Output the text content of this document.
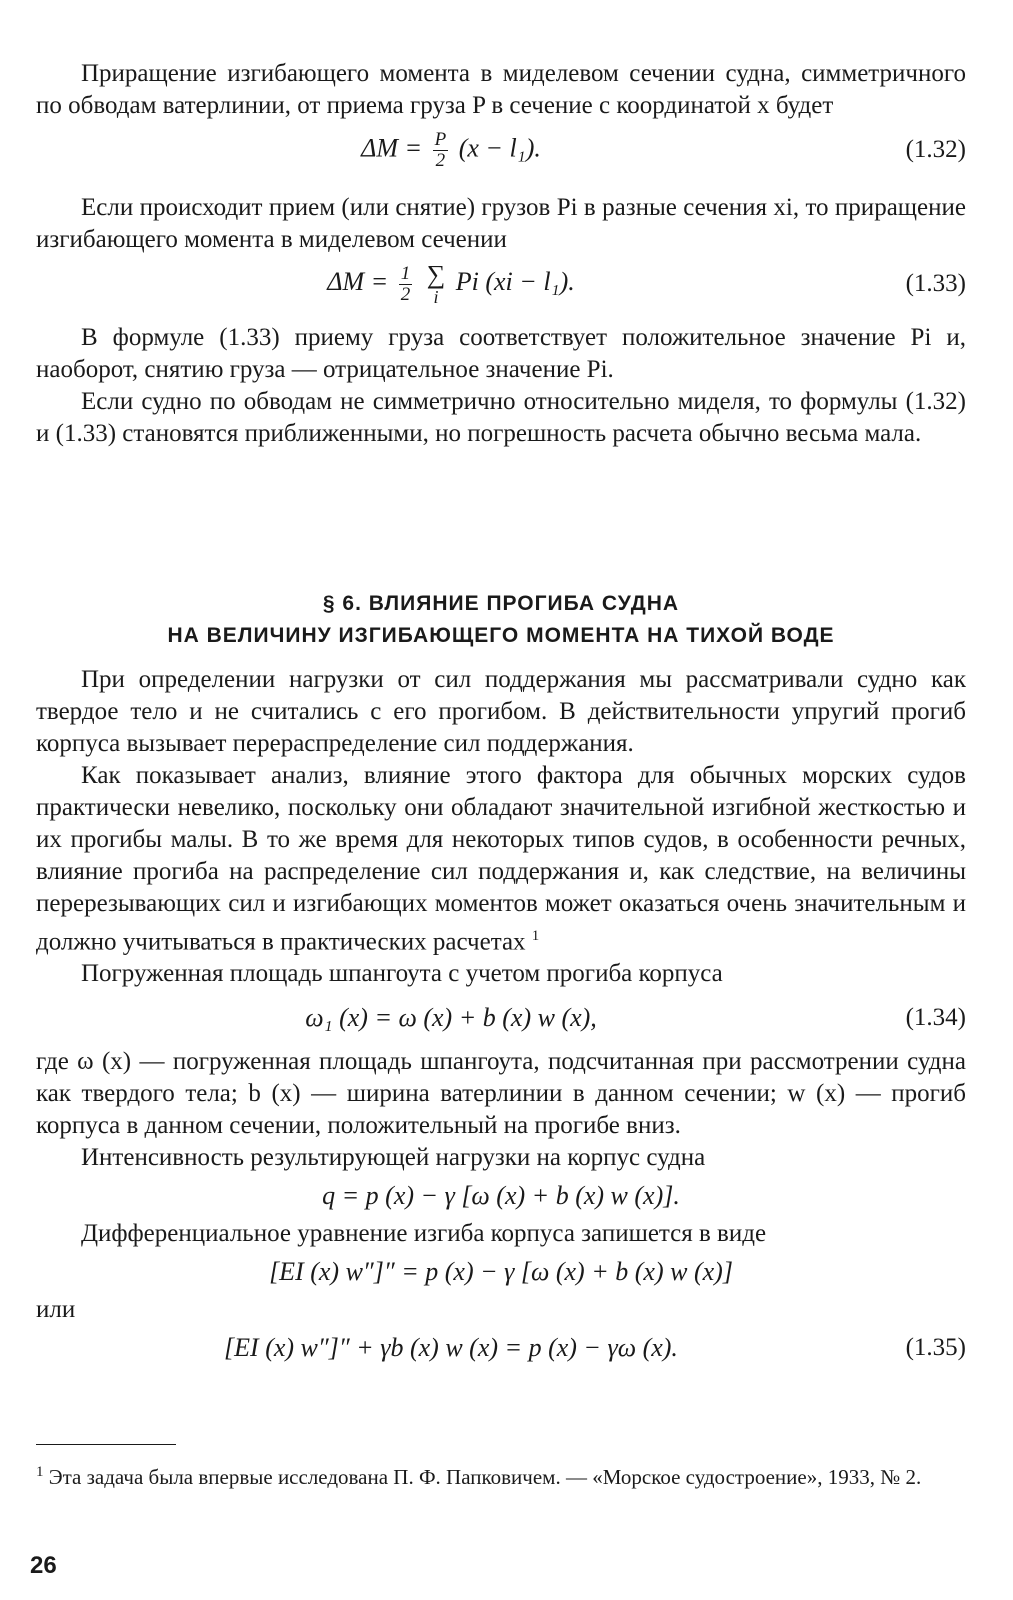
Приращение изгибающего момента в миделевом сечении судна, симметричного по обводам ватерлинии, от приема груза P в сечение с координатой x будет

$\Delta M = \frac{P}{2} (x - l_1)$.	(1.32)

Если происходит прием (или снятие) грузов Pi в разные сечения xi, то приращение изгибающего момента в миделевом сечении

$\Delta M = \frac{1}{2}$
∑
i
Pi (xi − l₁).	(1.33)

В формуле (1.33) приему груза соответствует положительное значение Pi и, наоборот, снятию груза — отрицательное значение Pi.

Если судно по обводам не симметрично относительно миделя, то формулы (1.32) и (1.33) становятся приближенными, но погрешность расчета обычно весьма мала.

§ 6. ВЛИЯНИЕ ПРОГИБА СУДНА
НА ВЕЛИЧИНУ ИЗГИБАЮЩЕГО МОМЕНТА НА ТИХОЙ ВОДЕ

При определении нагрузки от сил поддержания мы рассматривали судно как твердое тело и не считались с его прогибом. В действительности упругий прогиб корпуса вызывает перераспределение сил поддержания.

Как показывает анализ, влияние этого фактора для обычных морских судов практически невелико, поскольку они обладают значительной изгибной жесткостью и их прогибы малы. В то же время для некоторых типов судов, в особенности речных, влияние прогиба на распределение сил поддержания и, как следствие, на величины перерезывающих сил и изгибающих моментов может оказаться очень значительным и должно учитываться в практических расчетах $^1$

Погруженная площадь шпангоута с учетом прогиба корпуса

ω₁ (x) = ω (x) + b (x) w (x),	(1.34)

где ω (x) — погруженная площадь шпангоута, подсчитанная при рассмотрении судна как твердого тела; b (x) — ширина ватерлинии в данном сечении; w (x) — прогиб корпуса в данном сечении, положительный на прогибе вниз.

Интенсивность результирующей нагрузки на корпус судна

q = p (x) − γ [ω (x) + b (x) w (x)].

Дифференциальное уравнение изгиба корпуса запишется в виде

[EI (x) w″]″ = p (x) − γ [ω (x) + b (x) w (x)]

или

[EI (x) w″]″ + γb (x) w (x) = p (x) − γω (x).	(1.35)
$^1$ Эта задача была впервые исследована П. Ф. Папковичем. — «Морское судостроение», 1933, № 2.
26
